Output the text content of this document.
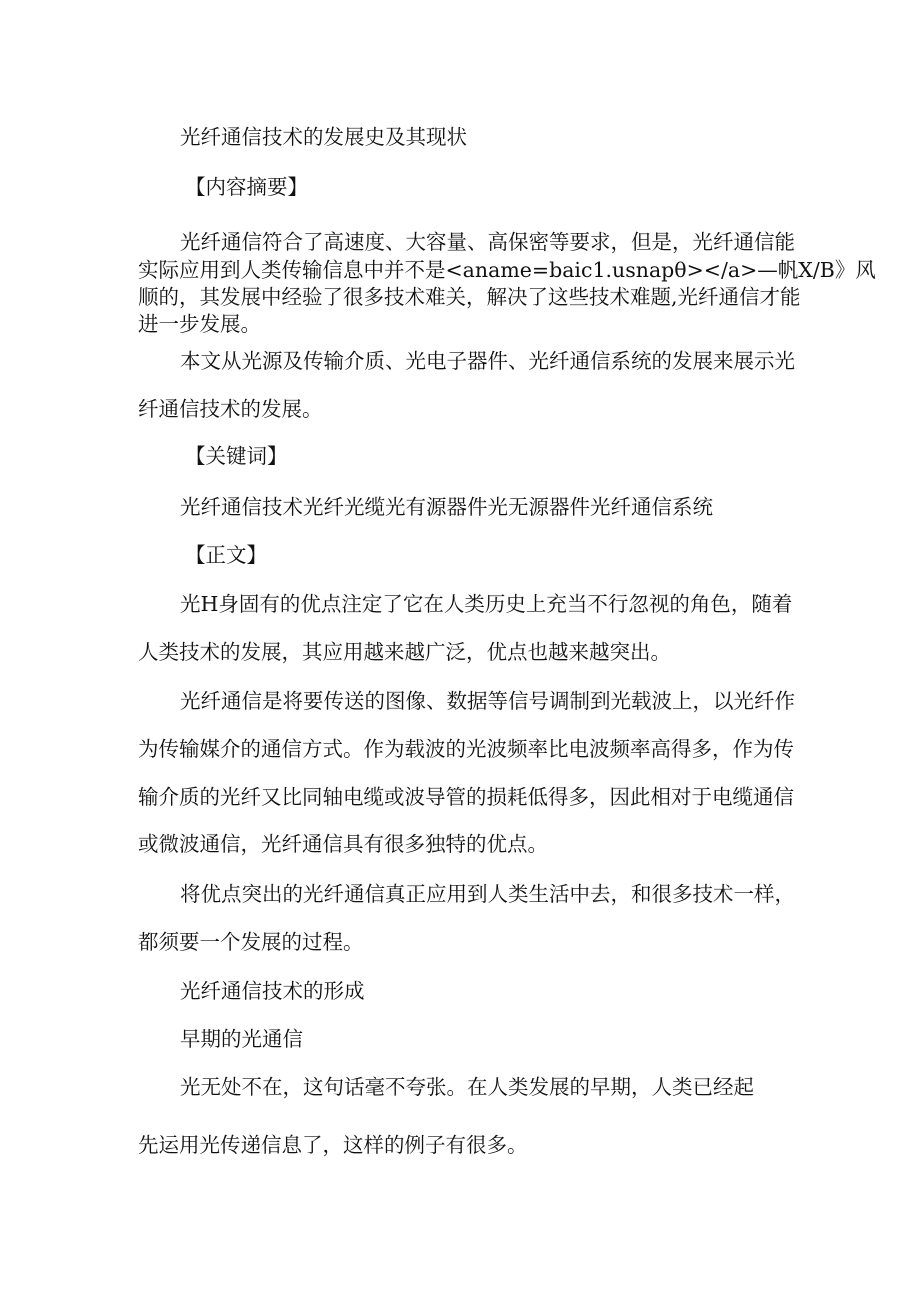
光纤通信技术的发展史及其现状
【内容摘要】
光纤通信符合了高速度、大容量、高保密等要求，但是，光纤通信能
实际应用到人类传输信息中并不是<aname=baic1.usnapθ></a>—帆X/B》风
顺的，其发展中经验了很多技术难关，解决了这些技术难题,光纤通信才能
进一步发展。
本文从光源及传输介质、光电子器件、光纤通信系统的发展来展示光
纤通信技术的发展。
【关键词】
光纤通信技术光纤光缆光有源器件光无源器件光纤通信系统
【正文】
光H身固有的优点注定了它在人类历史上充当不行忽视的角色，随着
人类技术的发展，其应用越来越广泛，优点也越来越突出。
光纤通信是将要传送的图像、数据等信号调制到光载波上，以光纤作
为传输媒介的通信方式。作为载波的光波频率比电波频率高得多，作为传
输介质的光纤又比同轴电缆或波导管的损耗低得多，因此相对于电缆通信
或微波通信，光纤通信具有很多独特的优点。
将优点突出的光纤通信真正应用到人类生活中去，和很多技术一样，
都须要一个发展的过程。
光纤通信技术的形成
早期的光通信
光无处不在，这句话毫不夸张。在人类发展的早期，人类已经起
先运用光传递信息了，这样的例子有很多。
